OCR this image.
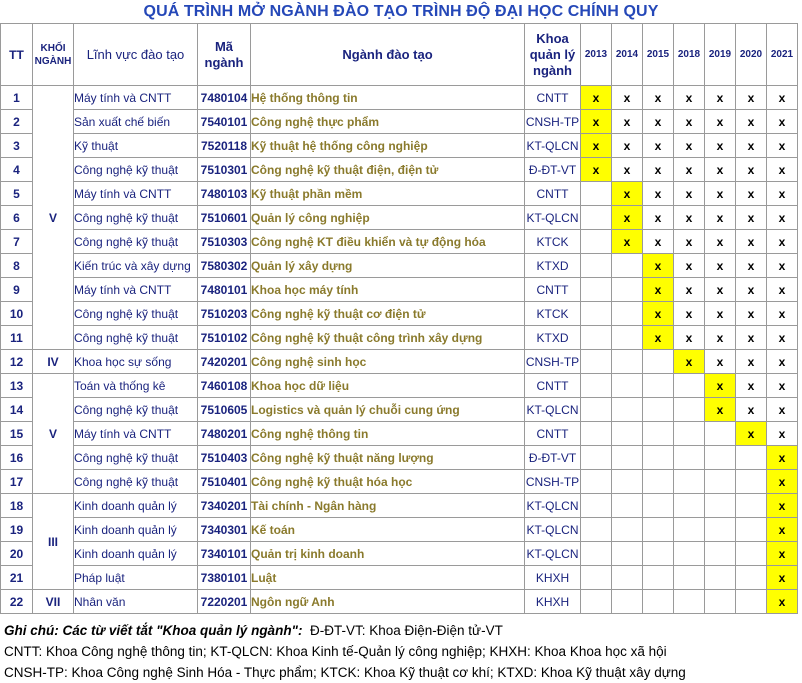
QUÁ TRÌNH MỞ NGÀNH ĐÀO TẠO TRÌNH ĐỘ ĐẠI HỌC CHÍNH QUY
TT	KHỐI NGÀNH	Lĩnh vực đào tạo	Mã ngành	Ngành đào tạo	Khoa quản lý ngành	2013	2014	2015	2018	2019	2020	2021
1	V	Máy tính và CNTT	7480104	Hệ thống thông tin	CNTT	x	x	x	x	x	x	x
2		Sản xuất chế biến	7540101	Công nghệ thực phẩm	CNSH-TP	x	x	x	x	x	x	x
3		Kỹ thuật	7520118	Kỹ thuật hệ thống công nghiệp	KT-QLCN	x	x	x	x	x	x	x
4		Công nghệ kỹ thuật	7510301	Công nghệ kỹ thuật điện, điện tử	Đ-ĐT-VT	x	x	x	x	x	x	x
5		Máy tính và CNTT	7480103	Kỹ thuật phần mềm	CNTT		x	x	x	x	x	x
6		Công nghệ kỹ thuật	7510601	Quản lý công nghiệp	KT-QLCN		x	x	x	x	x	x
7		Công nghệ kỹ thuật	7510303	Công nghệ KT điều khiển và tự động hóa	KTCK		x	x	x	x	x	x
8		Kiến trúc và xây dựng	7580302	Quản lý xây dựng	KTXD			x	x	x	x	x
9		Máy tính và CNTT	7480101	Khoa học máy tính	CNTT			x	x	x	x	x
10		Công nghệ kỹ thuật	7510203	Công nghệ kỹ thuật cơ điện tử	KTCK			x	x	x	x	x
11		Công nghệ kỹ thuật	7510102	Công nghệ kỹ thuật công trình xây dựng	KTXD			x	x	x	x	x
12	IV	Khoa học sự sống	7420201	Công nghệ sinh học	CNSH-TP				x	x	x	x
13	V	Toán và thống kê	7460108	Khoa học dữ liệu	CNTT					x	x	x
14		Công nghệ kỹ thuật	7510605	Logistics và quản lý chuỗi cung ứng	KT-QLCN					x	x	x
15		Máy tính và CNTT	7480201	Công nghệ thông tin	CNTT						x	x
16		Công nghệ kỹ thuật	7510403	Công nghệ kỹ thuật năng lượng	Đ-ĐT-VT							x
17		Công nghệ kỹ thuật	7510401	Công nghệ kỹ thuật hóa học	CNSH-TP							x
18	III	Kinh doanh quản lý	7340201	Tài chính - Ngân hàng	KT-QLCN							x
19		Kinh doanh quản lý	7340301	Kế toán	KT-QLCN							x
20		Kinh doanh quản lý	7340101	Quản trị kinh doanh	KT-QLCN							x
21		Pháp luật	7380101	Luật	KHXH							x
22	VII	Nhân văn	7220201	Ngôn ngữ Anh	KHXH							x
Ghi chú: Các từ viết tắt "Khoa quản lý ngành": Đ-ĐT-VT: Khoa Điện-Điện tử-VT
CNTT: Khoa Công nghệ thông tin; KT-QLCN: Khoa Kinh tế-Quản lý công nghiệp; KHXH: Khoa Khoa học xã hội
CNSH-TP: Khoa Công nghệ Sinh Hóa - Thực phẩm; KTCK: Khoa Kỹ thuật cơ khí; KTXD: Khoa Kỹ thuật xây dựng
